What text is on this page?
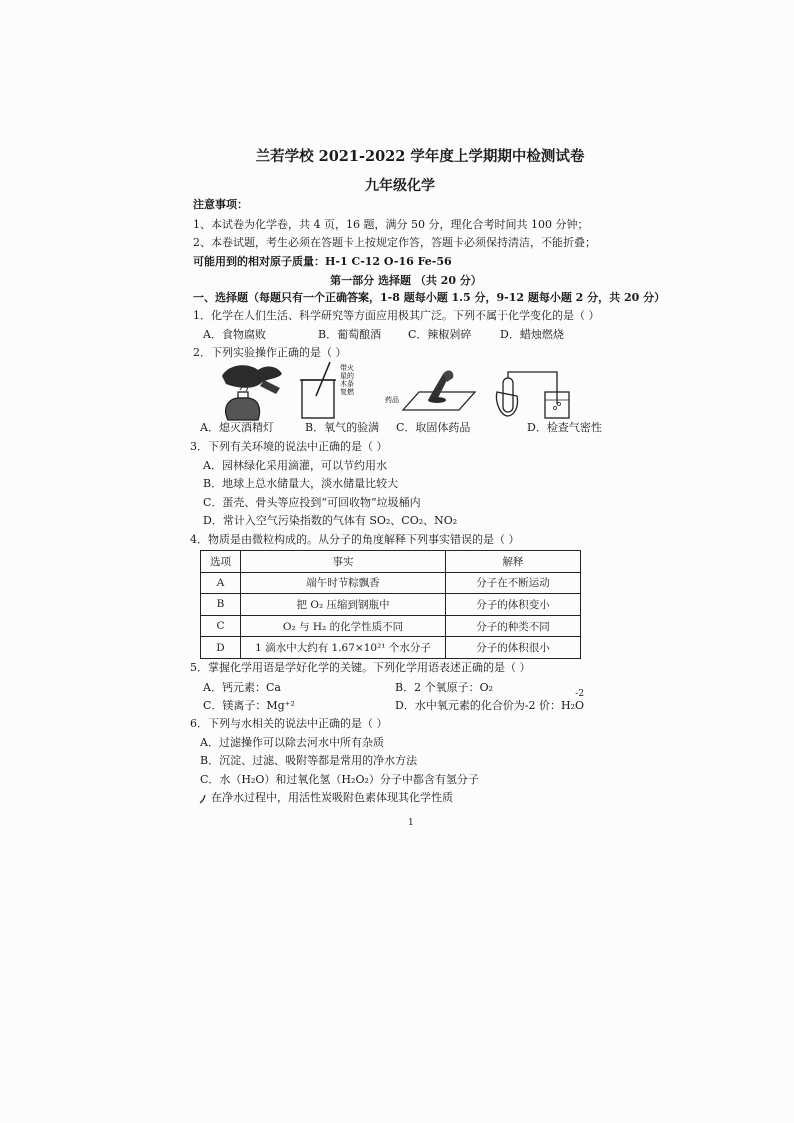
兰若学校 2021-2022 学年度上学期期中检测试卷
九年级化学
注意事项：
1、本试卷为化学卷，共 4 页，16 题，满分 50 分，理化合考时间共 100 分钟；
2、本卷试题，考生必须在答题卡上按规定作答，答题卡必须保持清洁，不能折叠；
可能用到的相对原子质量：H-1 C-12 O-16 Fe-56
第一部分 选择题 （共 20 分）
一、选择题（每题只有一个正确答案，1-8 题每小题 1.5 分，9-12 题每小题 2 分，共 20 分）
1．化学在人们生活、科学研究等方面应用极其广泛。下列不属于化学变化的是（ ）
A．食物腐败	B．葡萄酿酒 C．辣椒剁碎	D．蜡烛燃烧
2．下列实验操作正确的是（ ）
带火
星的
木条
复燃
药品
A．熄灭酒精灯	B．氧气的验满 C．取固体药品	D．检查气密性
3．下列有关环境的说法中正确的是（ ）
A．园林绿化采用滴灌，可以节约用水
B．地球上总水储量大，淡水储量比较大
C．蛋壳、骨头等应投到“可回收物”垃圾桶内
D．常计入空气污染指数的气体有 SO₂、CO₂、NO₂
4．物质是由微粒构成的。从分子的角度解释下列事实错误的是（ ）
选项	事实	解释
A	端午时节粽飘香	分子在不断运动
B	把 O₂ 压缩到钢瓶中	分子的体积变小
C	O₂ 与 H₂ 的化学性质不同	分子的种类不同
D	1 滴水中大约有 1.67×10²¹ 个水分子	分子的体积很小
5．掌握化学用语是学好化学的关键。下列化学用语表述正确的是（ ）
A．钙元素：Ca	B．2 个氧原子：O₂
C．镁离子：Mg⁺²	D．水中氧元素的化合价为-2 价：H₂O
-2
6．下列与水相关的说法中正确的是（ ）
A．过滤操作可以除去河水中所有杂质
B．沉淀、过滤、吸附等都是常用的净水方法
C．水（H₂O）和过氧化氢（H₂O₂）分子中都含有氢分子
在净水过程中，用活性炭吸附色素体现其化学性质
1
